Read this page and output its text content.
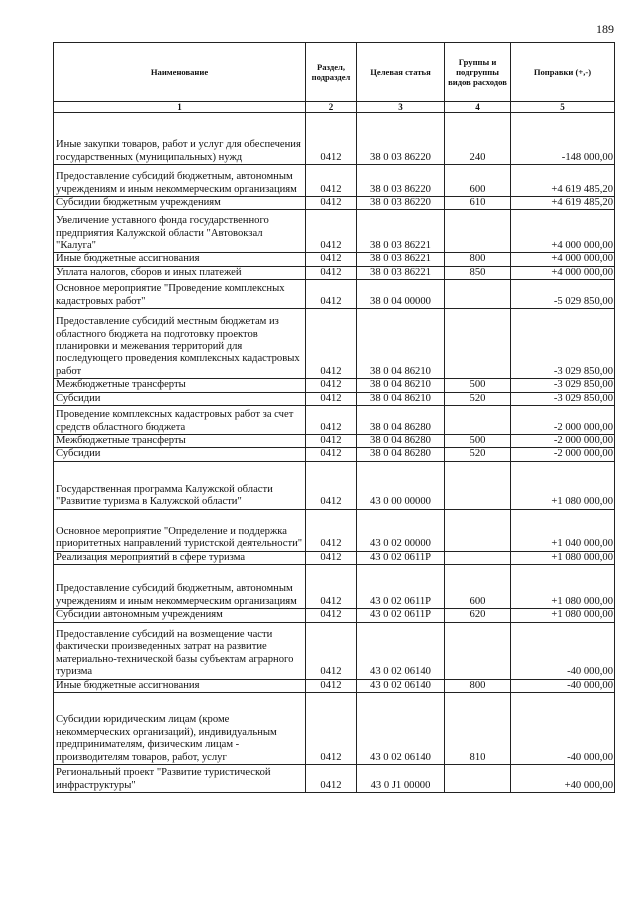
189
Наименование	Раздел, подраздел	Целевая статья	Группы и подгруппы видов расходов	Поправки (+,-)
1	2	3	4	5
Иные закупки товаров, работ и услуг для обеспечения государственных (муниципальных) нужд	0412	38 0 03 86220	240	-148 000,00
Предоставление субсидий бюджетным, автономным учреждениям и иным некоммерческим организациям	0412	38 0 03 86220	600	+4 619 485,20
Субсидии бюджетным учреждениям	0412	38 0 03 86220	610	+4 619 485,20
Увеличение уставного фонда государственного предприятия Калужской области "Автовокзал "Калуга"	0412	38 0 03 86221		+4 000 000,00
Иные бюджетные ассигнования	0412	38 0 03 86221	800	+4 000 000,00
Уплата налогов, сборов и иных платежей	0412	38 0 03 86221	850	+4 000 000,00
Основное мероприятие "Проведение комплексных кадастровых работ"	0412	38 0 04 00000		-5 029 850,00
Предоставление субсидий местным бюджетам из областного бюджета на подготовку проектов планировки и межевания территорий для последующего проведения комплексных кадастровых работ	0412	38 0 04 86210		-3 029 850,00
Межбюджетные трансферты	0412	38 0 04 86210	500	-3 029 850,00
Субсидии	0412	38 0 04 86210	520	-3 029 850,00
Проведение комплексных кадастровых работ за счет средств областного бюджета	0412	38 0 04 86280		-2 000 000,00
Межбюджетные трансферты	0412	38 0 04 86280	500	-2 000 000,00
Субсидии	0412	38 0 04 86280	520	-2 000 000,00
Государственная программа Калужской области "Развитие туризма в Калужской области"	0412	43 0 00 00000		+1 080 000,00
Основное мероприятие "Определение и поддержка приоритетных направлений туристской деятельности"	0412	43 0 02 00000		+1 040 000,00
Реализация мероприятий в сфере туризма	0412	43 0 02 0611Р		+1 080 000,00
Предоставление субсидий бюджетным, автономным учреждениям и иным некоммерческим организациям	0412	43 0 02 0611Р	600	+1 080 000,00
Субсидии автономным учреждениям	0412	43 0 02 0611Р	620	+1 080 000,00
Предоставление субсидий на возмещение части фактически произведенных затрат на развитие материально-технической базы субъектам аграрного туризма	0412	43 0 02 06140		-40 000,00
Иные бюджетные ассигнования	0412	43 0 02 06140	800	-40 000,00
Субсидии юридическим лицам (кроме некоммерческих организаций), индивидуальным предпринимателям, физическим лицам - производителям товаров, работ, услуг	0412	43 0 02 06140	810	-40 000,00
Региональный проект "Развитие туристической инфраструктуры"	0412	43 0 J1 00000		+40 000,00
